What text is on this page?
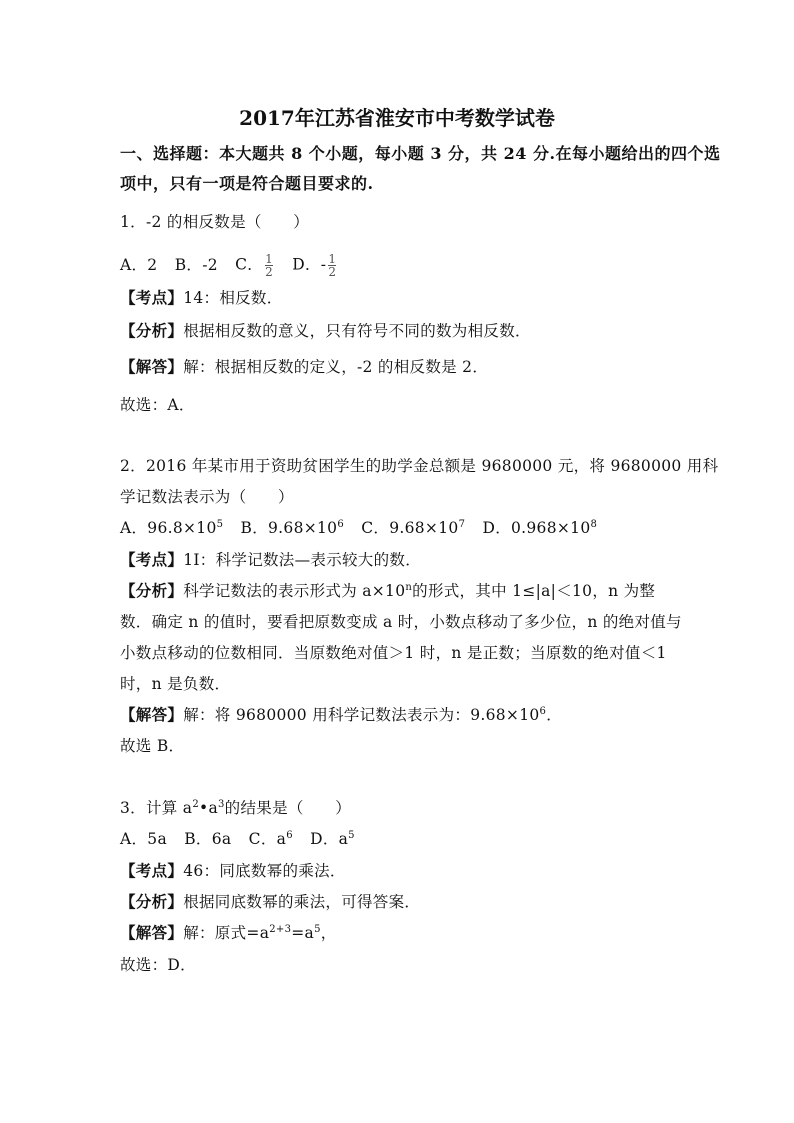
2017年江苏省淮安市中考数学试卷
一、选择题：本大题共 8 个小题，每小题 3 分，共 24 分.在每小题给出的四个选
项中，只有一项是符合题目要求的.
1．-2 的相反数是（　　）
A．2 B．-2 C． $\frac{1}{2}$ D．- $\frac{1}{2}$
【考点】14：相反数．
【分析】根据相反数的意义，只有符号不同的数为相反数．
【解答】解：根据相反数的定义，-2 的相反数是 2．
故选：A．
2．2016 年某市用于资助贫困学生的助学金总额是 9680000 元，将 9680000 用科
学记数法表示为（　　）
A．$96.8\times 10^5$ B．$9.68\times 10^6$ C．$9.68\times 10^7$ D．$0.968\times 10^8$
【考点】1I：科学记数法—表示较大的数．
【分析】科学记数法的表示形式为 $a\times 10^n$的形式，其中 1≤|a|＜10，n 为整
数．确定 n 的值时，要看把原数变成 a 时，小数点移动了多少位，n 的绝对值与
小数点移动的位数相同．当原数绝对值＞1 时，n 是正数；当原数的绝对值＜1
时，n 是负数．
【解答】解：将 9680000 用科学记数法表示为：$9.68\times 10^6$．
故选 B．
3．计算 $a^2•a^3$的结果是（　　）
A．5a B．6a C．$a^6$ D．$a^5$
【考点】46：同底数幂的乘法．
【分析】根据同底数幂的乘法，可得答案．
【解答】解：原式$=a^{2+3}=a^5$，
故选：D．
